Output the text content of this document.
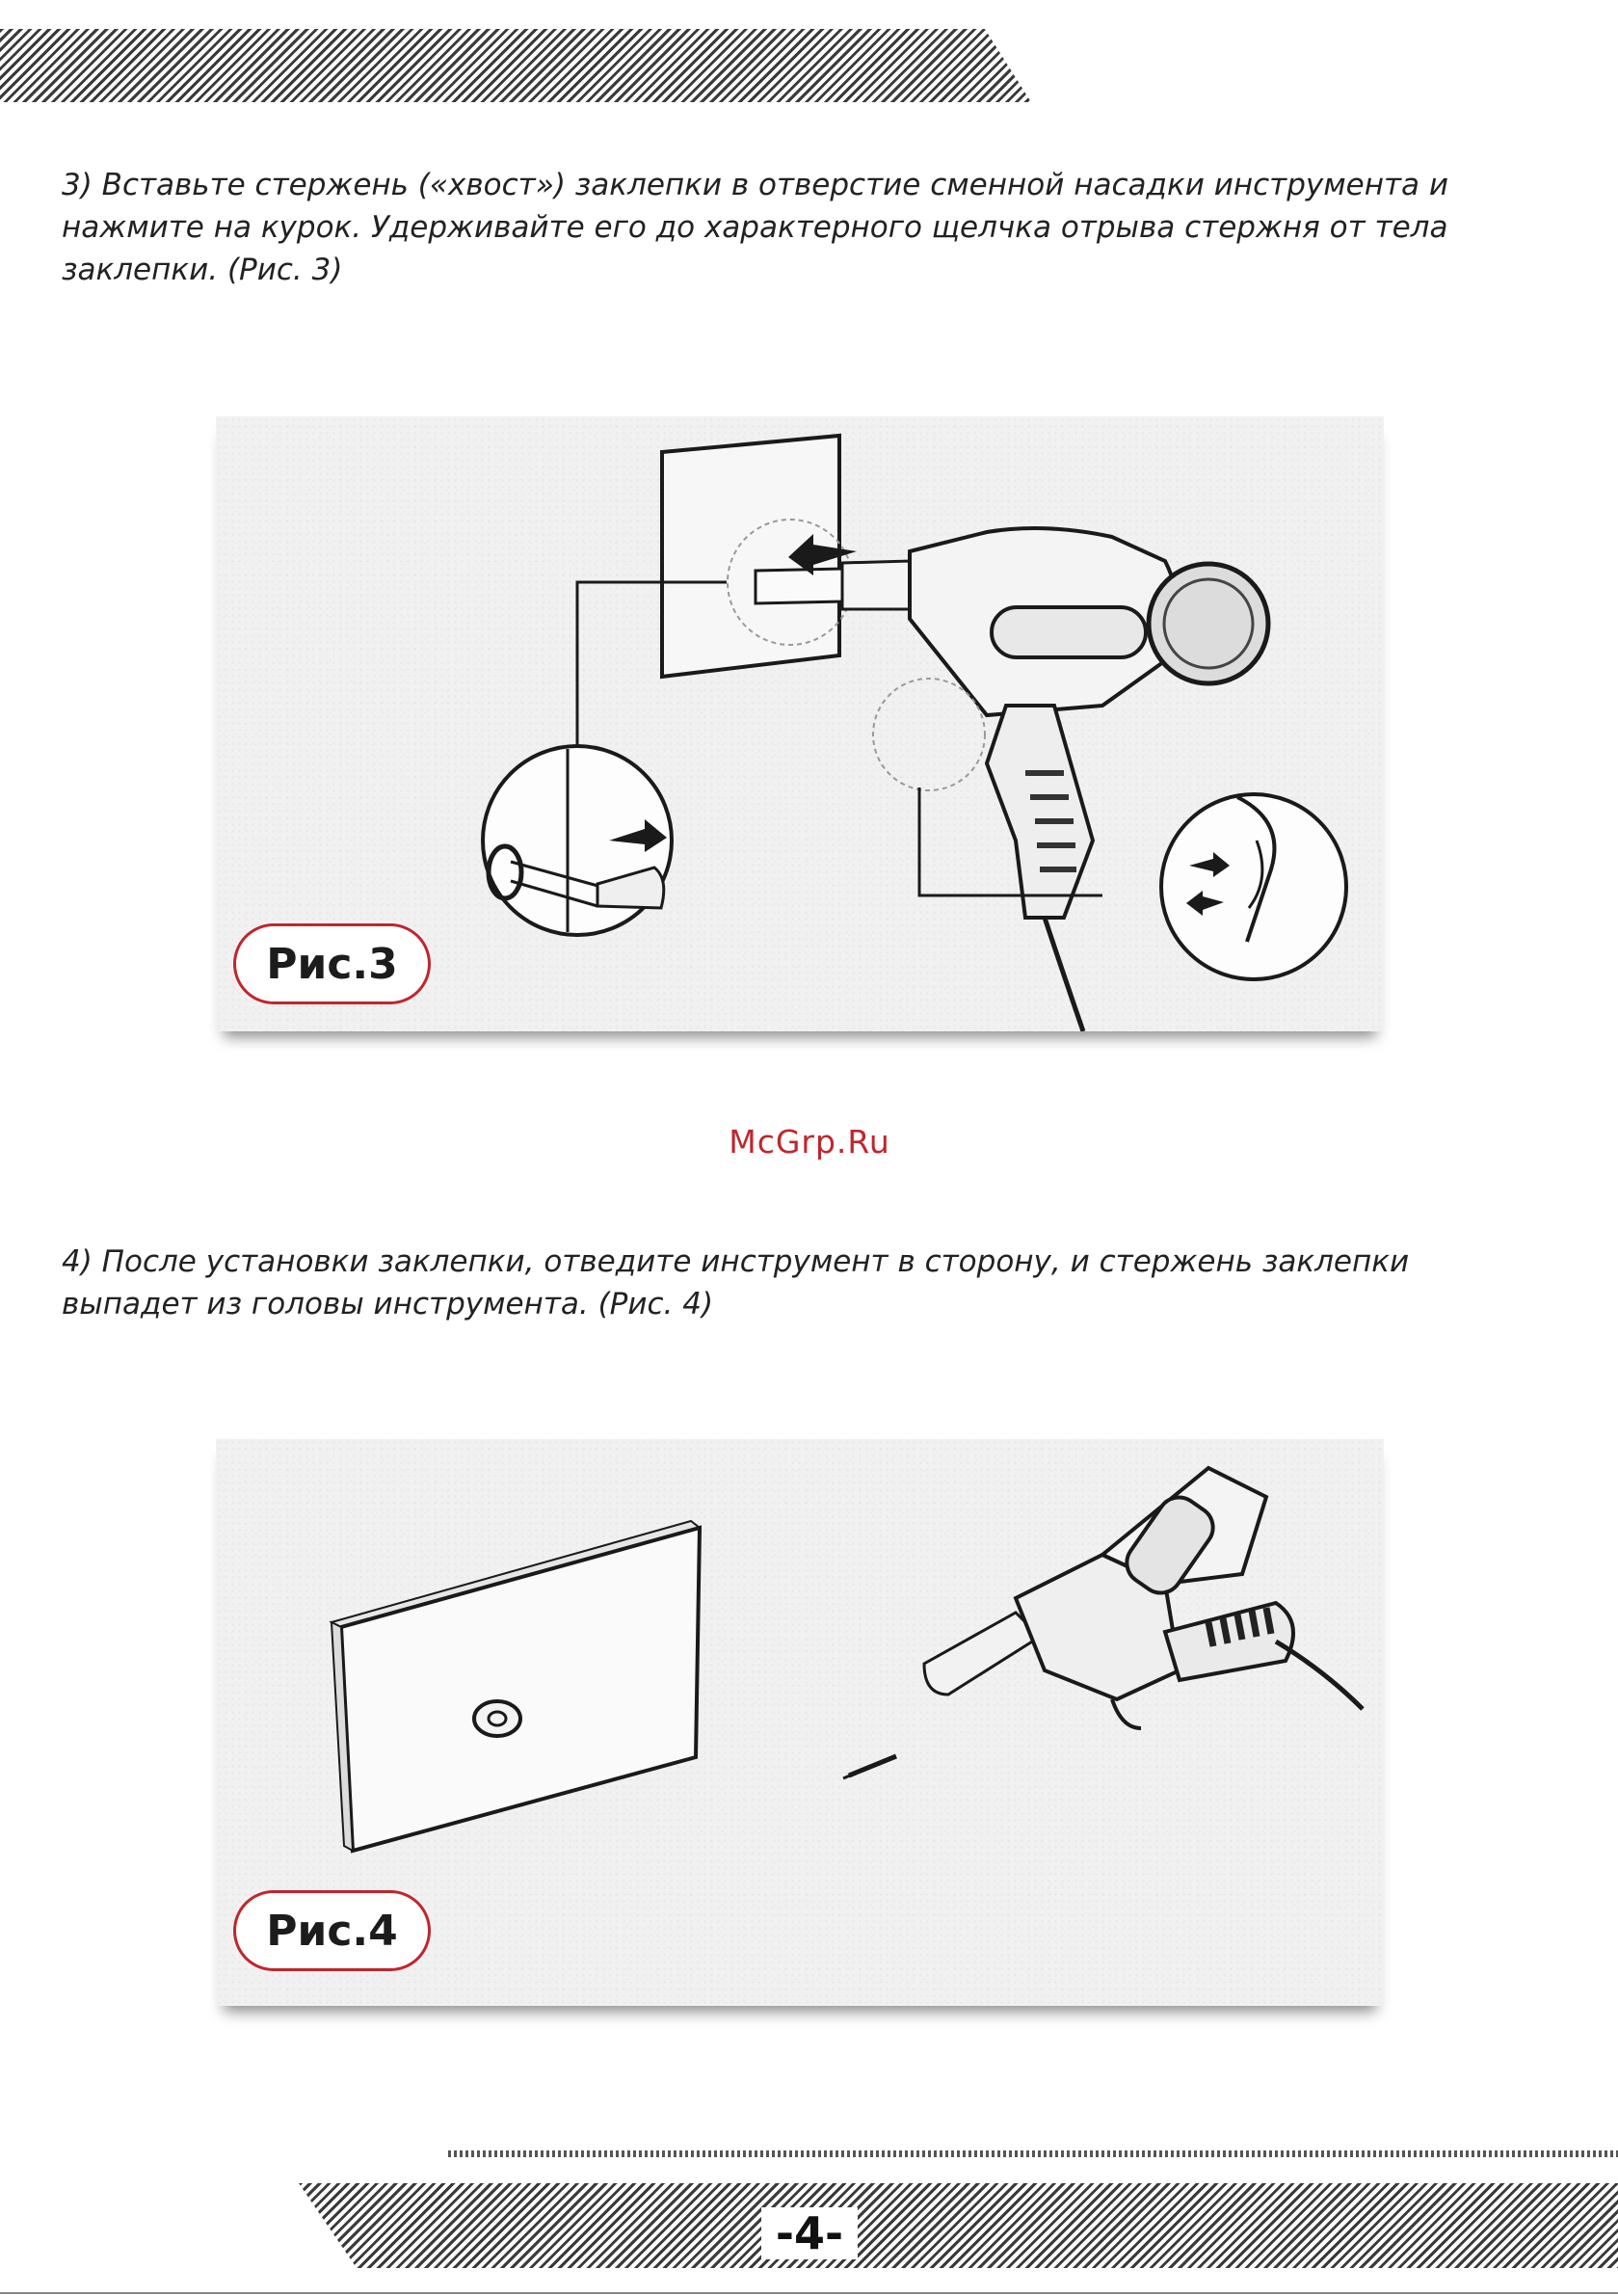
3) Вставьте стержень («хвост») заклепки в отверстие сменной насадки инструмента и
нажмите на курок. Удерживайте его до характерного щелчка отрыва стержня от тела
заклепки. (Рис. 3)
Рис.3
McGrp.Ru
4) После установки заклепки, отведите инструмент в сторону, и стержень заклепки
выпадет из головы инструмента. (Рис. 4)
Рис.4
-4-
